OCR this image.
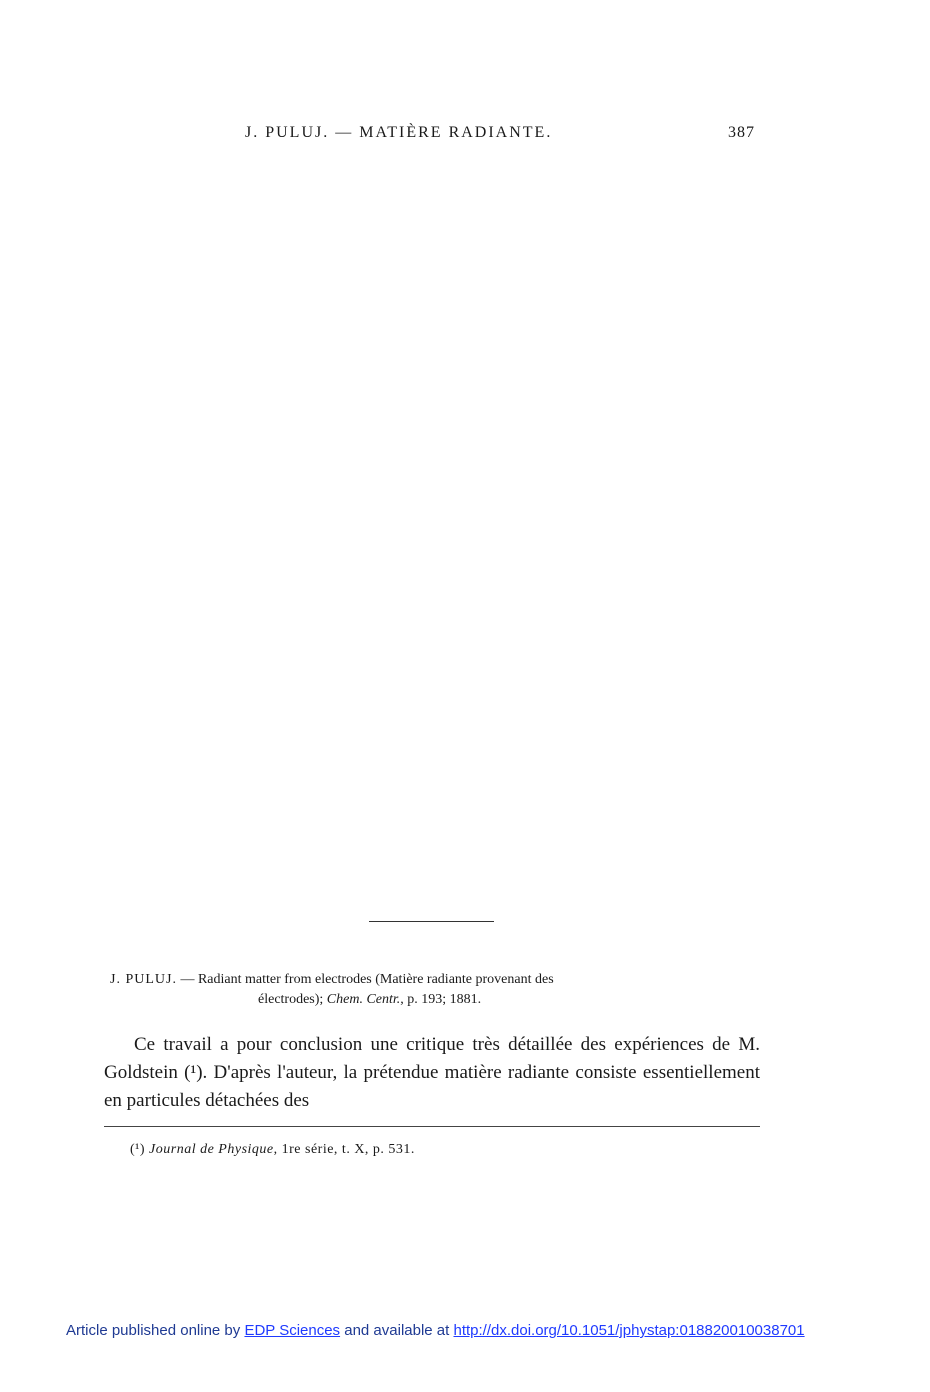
J. PULUJ. — MATIÈRE RADIANTE.	387
J. PULUJ. — Radiant matter from electrodes (Matière radiante provenant des
électrodes); Chem. Centr., p. 193; 1881.

Ce travail a pour conclusion une critique très détaillée des expériences de M. Goldstein (¹). D'après l'auteur, la prétendue matière radiante consiste essentiellement en particules détachées des

(¹) Journal de Physique, 1re série, t. X, p. 531.
Article published online by EDP Sciences and available at http://dx.doi.org/10.1051/jphystap:018820010038701
